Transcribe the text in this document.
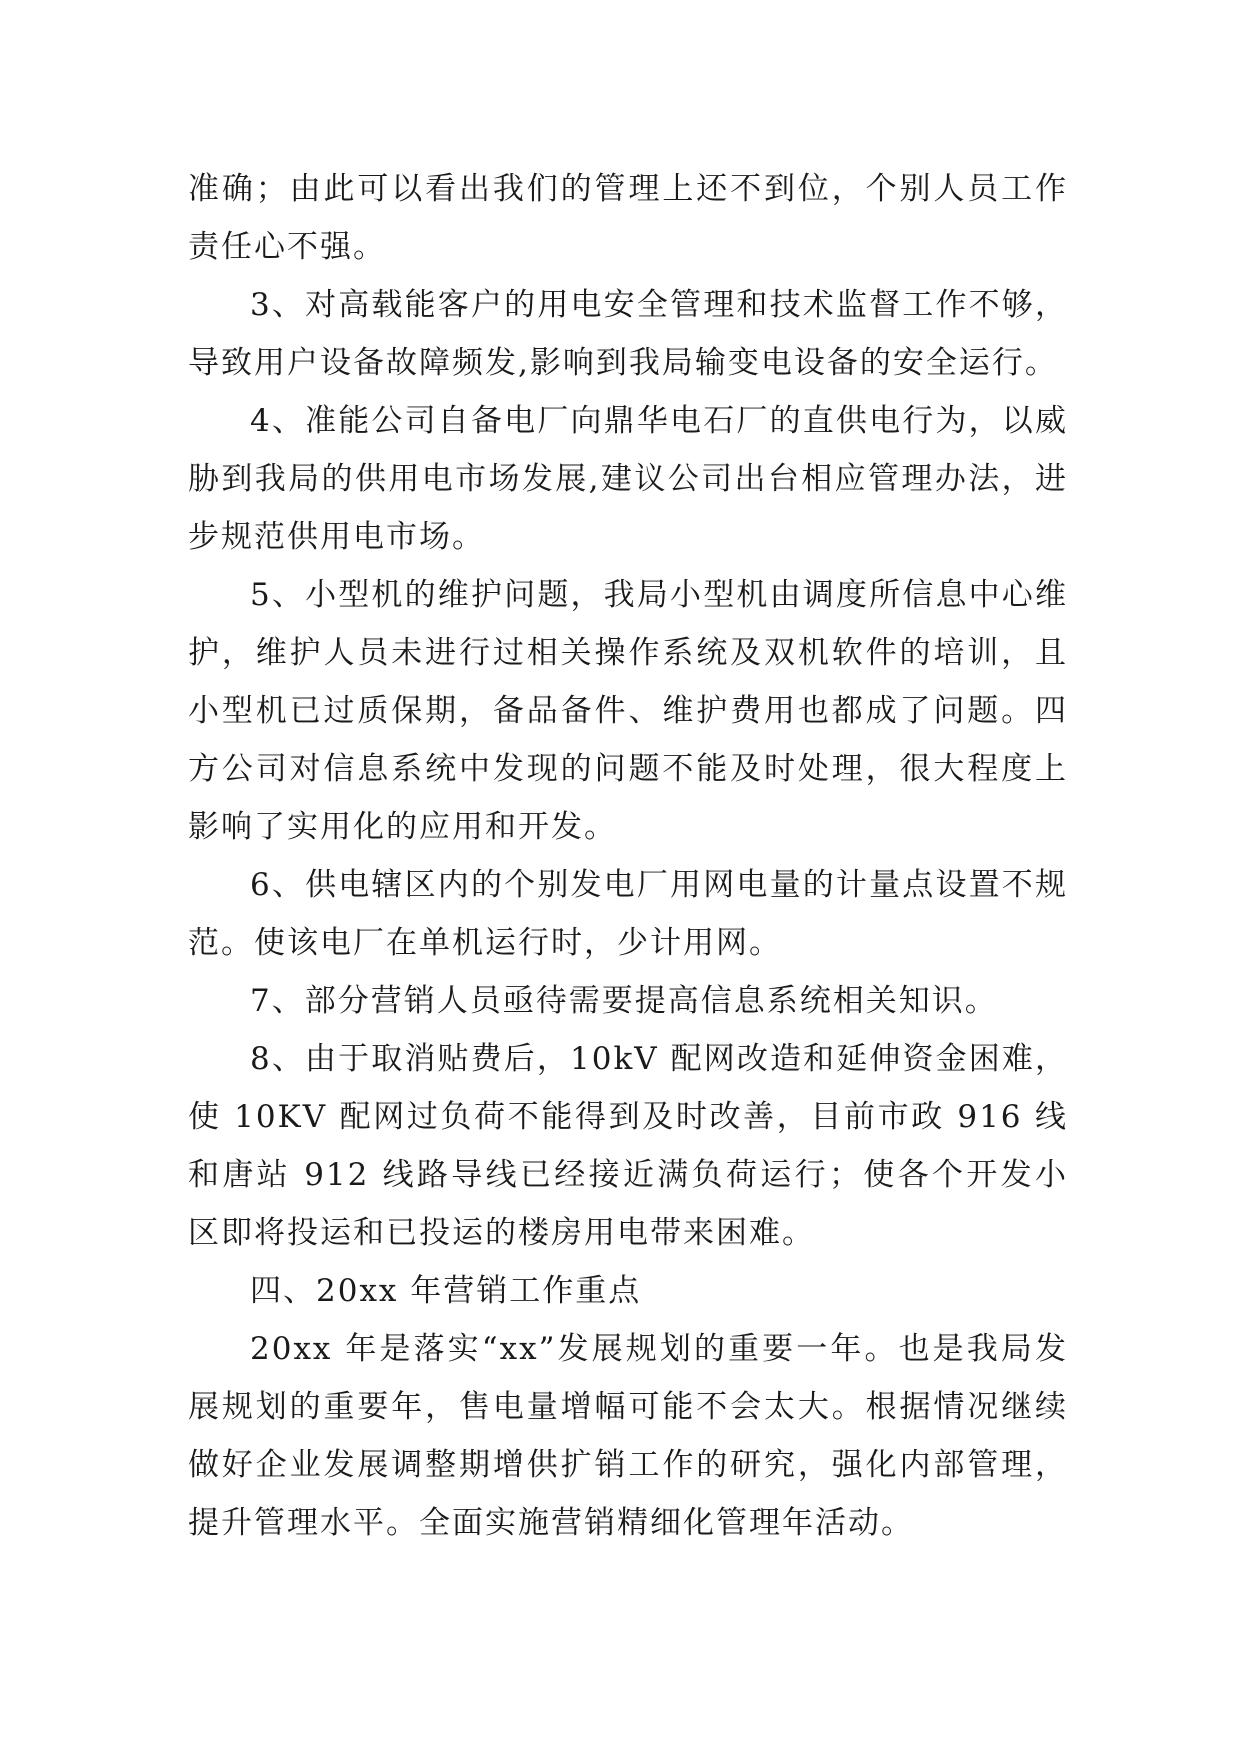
准确；由此可以看出我们的管理上还不到位，个别人员工作责任心不强。

3、对高载能客户的用电安全管理和技术监督工作不够，导致用户设备故障频发,影响到我局输变电设备的安全运行。

4、准能公司自备电厂向鼎华电石厂的直供电行为，以威胁到我局的供用电市场发展,建议公司出台相应管理办法，进步规范供用电市场。

5、小型机的维护问题，我局小型机由调度所信息中心维护，维护人员未进行过相关操作系统及双机软件的培训，且小型机已过质保期，备品备件、维护费用也都成了问题。四方公司对信息系统中发现的问题不能及时处理，很大程度上影响了实用化的应用和开发。

6、供电辖区内的个别发电厂用网电量的计量点设置不规范。使该电厂在单机运行时，少计用网。

7、部分营销人员亟待需要提高信息系统相关知识。

8、由于取消贴费后，10kV 配网改造和延伸资金困难，使 10KV 配网过负荷不能得到及时改善，目前市政 916 线和唐站 912 线路导线已经接近满负荷运行；使各个开发小区即将投运和已投运的楼房用电带来困难。

四、20xx 年营销工作重点

20xx 年是落实“xx”发展规划的重要一年。也是我局发展规划的重要年，售电量增幅可能不会太大。根据情况继续做好企业发展调整期增供扩销工作的研究，强化内部管理，提升管理水平。全面实施营销精细化管理年活动。
